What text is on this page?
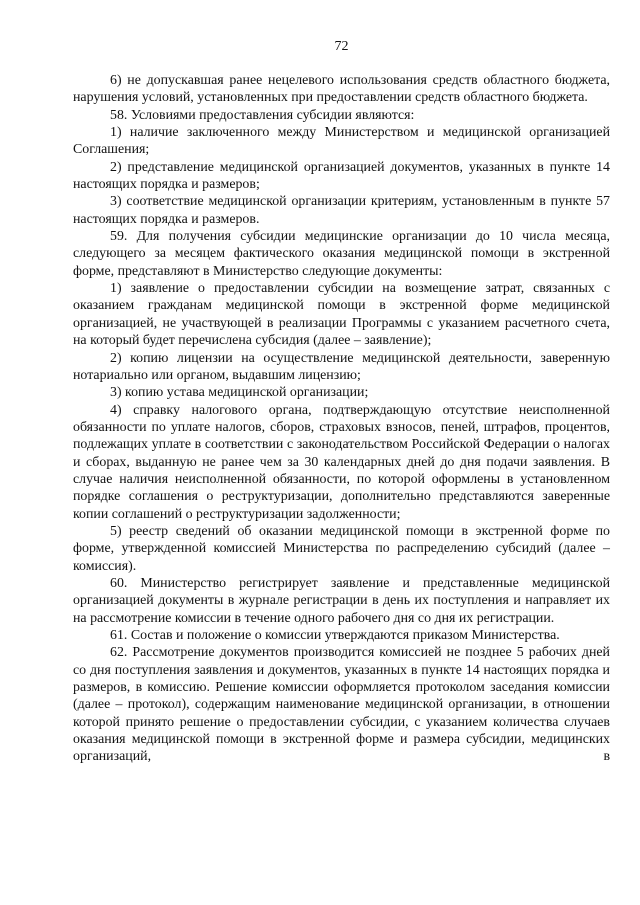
72

6) не допускавшая ранее нецелевого использования средств областного бюджета, нарушения условий, установленных при предоставлении средств областного бюджета.

58. Условиями предоставления субсидии являются:

1) наличие заключенного между Министерством и медицинской организацией Соглашения;

2) представление медицинской организацией документов, указанных в пункте 14 настоящих порядка и размеров;

3) соответствие медицинской организации критериям, установленным в пункте 57 настоящих порядка и размеров.

59. Для получения субсидии медицинские организации до 10 числа месяца, следующего за месяцем фактического оказания медицинской помощи в экстренной форме, представляют в Министерство следующие документы:

1) заявление о предоставлении субсидии на возмещение затрат, связанных с оказанием гражданам медицинской помощи в экстренной форме медицинской организацией, не участвующей в реализации Программы с указанием расчетного счета, на который будет перечислена субсидия (далее – заявление);

2) копию лицензии на осуществление медицинской деятельности, заверенную нотариально или органом, выдавшим лицензию;

3) копию устава медицинской организации;

4) справку налогового органа, подтверждающую отсутствие неисполненной обязанности по уплате налогов, сборов, страховых взносов, пеней, штрафов, процентов, подлежащих уплате в соответствии с законодательством Российской Федерации о налогах и сборах, выданную не ранее чем за 30 календарных дней до дня подачи заявления. В случае наличия неисполненной обязанности, по которой оформлены в установленном порядке соглашения о реструктуризации, дополнительно представляются заверенные копии соглашений о реструктуризации задолженности;

5) реестр сведений об оказании медицинской помощи в экстренной форме по форме, утвержденной комиссией Министерства по распределению субсидий (далее – комиссия).

60. Министерство регистрирует заявление и представленные медицинской организацией документы в журнале регистрации в день их поступления и направляет их на рассмотрение комиссии в течение одного рабочего дня со дня их регистрации.

61. Состав и положение о комиссии утверждаются приказом Министерства.

62. Рассмотрение документов производится комиссией не позднее 5 рабочих дней со дня поступления заявления и документов, указанных в пункте 14 настоящих порядка и размеров, в комиссию. Решение комиссии оформляется протоколом заседания комиссии (далее – протокол), содержащим наименование медицинской организации, в отношении которой принято решение о предоставлении субсидии, с указанием количества случаев оказания медицинской помощи в экстренной форме и размера субсидии, медицинских организаций, в
